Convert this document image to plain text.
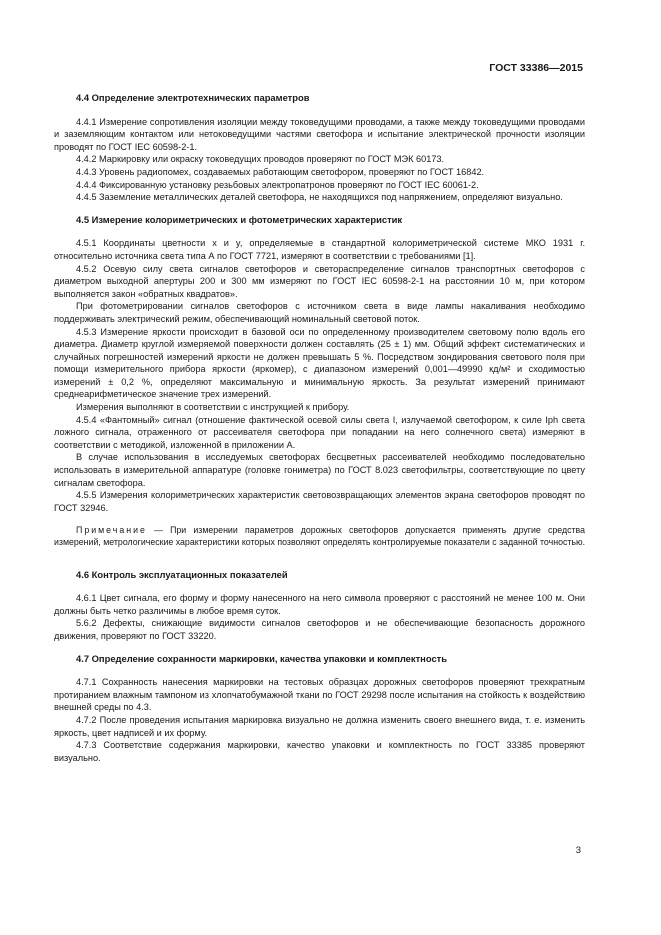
ГОСТ 33386—2015
4.4 Определение электротехнических параметров

4.4.1 Измерение сопротивления изоляции между токоведущими проводами, а также между токоведущими проводами и заземляющим контактом или нетоковедущими частями светофора и испытание электрической прочности изоляции проводят по ГОСТ IEC 60598-2-1.

4.4.2 Маркировку или окраску токоведущих проводов проверяют по ГОСТ МЭК 60173.

4.4.3 Уровень радиопомех, создаваемых работающим светофором, проверяют по ГОСТ 16842.

4.4.4 Фиксированную установку резьбовых электропатронов проверяют по ГОСТ IEC 60061-2.

4.4.5 Заземление металлических деталей светофора, не находящихся под напряжением, определяют визуально.

4.5 Измерение колориметрических и фотометрических характеристик

4.5.1 Координаты цветности x и y, определяемые в стандартной колориметрической системе МКО 1931 г. относительно источника света типа А по ГОСТ 7721, измеряют в соответствии с требованиями [1].

4.5.2 Осевую силу света сигналов светофоров и светораспределение сигналов транспортных светофоров с диаметром выходной апертуры 200 и 300 мм измеряют по ГОСТ IEC 60598-2-1 на расстоянии 10 м, при котором выполняется закон «обратных квадратов».

При фотометрировании сигналов светофоров с источником света в виде лампы накаливания необходимо поддерживать электрический режим, обеспечивающий номинальный световой поток.

4.5.3 Измерение яркости происходит в базовой оси по определенному производителем световому полю вдоль его диаметра. Диаметр круглой измеряемой поверхности должен составлять (25 ± 1) мм. Общий эффект систематических и случайных погрешностей измерений яркости не должен превышать 5 %. Посредством зондирования светового поля при помощи измерительного прибора яркости (яркомер), с диапазоном измерений 0,001—49990 кд/м² и сходимостью измерений ± 0,2 %, определяют максимальную и минимальную яркость. За результат измерений принимают среднеарифметическое значение трех измерений.

Измерения выполняют в соответствии с инструкцией к прибору.

4.5.4 «Фантомный» сигнал (отношение фактической осевой силы света I, излучаемой светофором, к силе Iph света ложного сигнала, отраженного от рассеивателя светофора при попадании на него солнечного света) измеряют в соответствии с методикой, изложенной в приложении А.

В случае использования в исследуемых светофорах бесцветных рассеивателей необходимо последовательно использовать в измерительной аппаратуре (головке гониметра) по ГОСТ 8.023 светофильтры, соответствующие по цвету сигналам светофора.

4.5.5 Измерения колориметрических характеристик световозвращающих элементов экрана светофоров проводят по ГОСТ 32946.

Примечание — При измерении параметров дорожных светофоров допускается применять другие средства измерений, метрологические характеристики которых позволяют определять контролируемые показатели с заданной точностью.

4.6 Контроль эксплуатационных показателей

4.6.1 Цвет сигнала, его форму и форму нанесенного на него символа проверяют с расстояний не менее 100 м. Они должны быть четко различимы в любое время суток.

5.6.2 Дефекты, снижающие видимости сигналов светофоров и не обеспечивающие безопасность дорожного движения, проверяют по ГОСТ 33220.

4.7 Определение сохранности маркировки, качества упаковки и комплектность

4.7.1 Сохранность нанесения маркировки на тестовых образцах дорожных светофоров проверяют трехкратным протиранием влажным тампоном из хлопчатобумажной ткани по ГОСТ 29298 после испытания на стойкость к воздействию внешней среды по 4.3.

4.7.2 После проведения испытания маркировка визуально не должна изменить своего внешнего вида, т. е. изменить яркость, цвет надписей и их форму.

4.7.3 Соответствие содержания маркировки, качество упаковки и комплектность по ГОСТ 33385 проверяют визуально.

3
